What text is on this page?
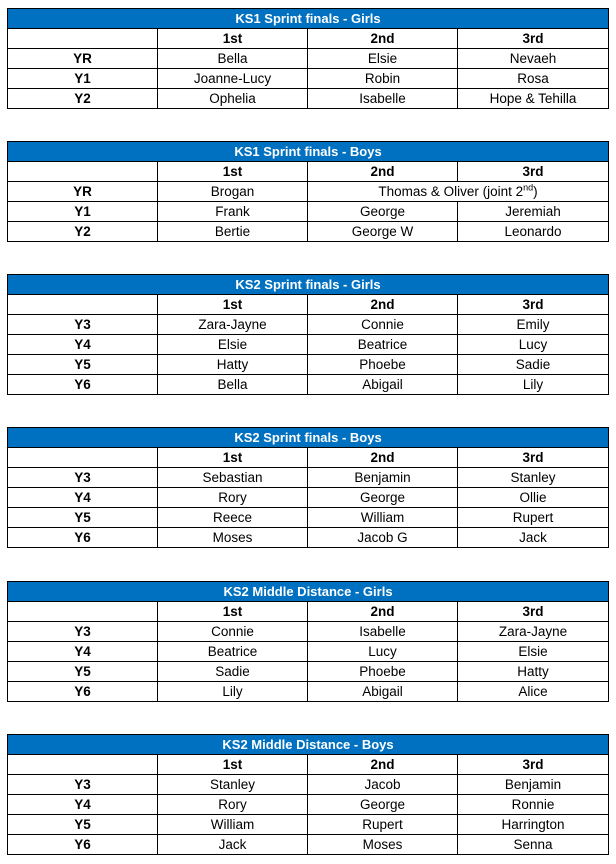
KS1 Sprint finals - Girls			
	1st	2nd	3rd
YR	Bella	Elsie	Nevaeh
Y1	Joanne-Lucy	Robin	Rosa
Y2	Ophelia	Isabelle	Hope & Tehilla
KS1 Sprint finals - Boys			
	1st	2nd	3rd
YR	Brogan	Thomas & Oliver (joint 2nd)	
Y1	Frank	George	Jeremiah
Y2	Bertie	George W	Leonardo
KS2 Sprint finals - Girls			
	1st	2nd	3rd
Y3	Zara-Jayne	Connie	Emily
Y4	Elsie	Beatrice	Lucy
Y5	Hatty	Phoebe	Sadie
Y6	Bella	Abigail	Lily
KS2 Sprint finals - Boys			
	1st	2nd	3rd
Y3	Sebastian	Benjamin	Stanley
Y4	Rory	George	Ollie
Y5	Reece	William	Rupert
Y6	Moses	Jacob G	Jack
KS2 Middle Distance - Girls			
	1st	2nd	3rd
Y3	Connie	Isabelle	Zara-Jayne
Y4	Beatrice	Lucy	Elsie
Y5	Sadie	Phoebe	Hatty
Y6	Lily	Abigail	Alice
KS2 Middle Distance - Boys			
	1st	2nd	3rd
Y3	Stanley	Jacob	Benjamin
Y4	Rory	George	Ronnie
Y5	William	Rupert	Harrington
Y6	Jack	Moses	Senna
